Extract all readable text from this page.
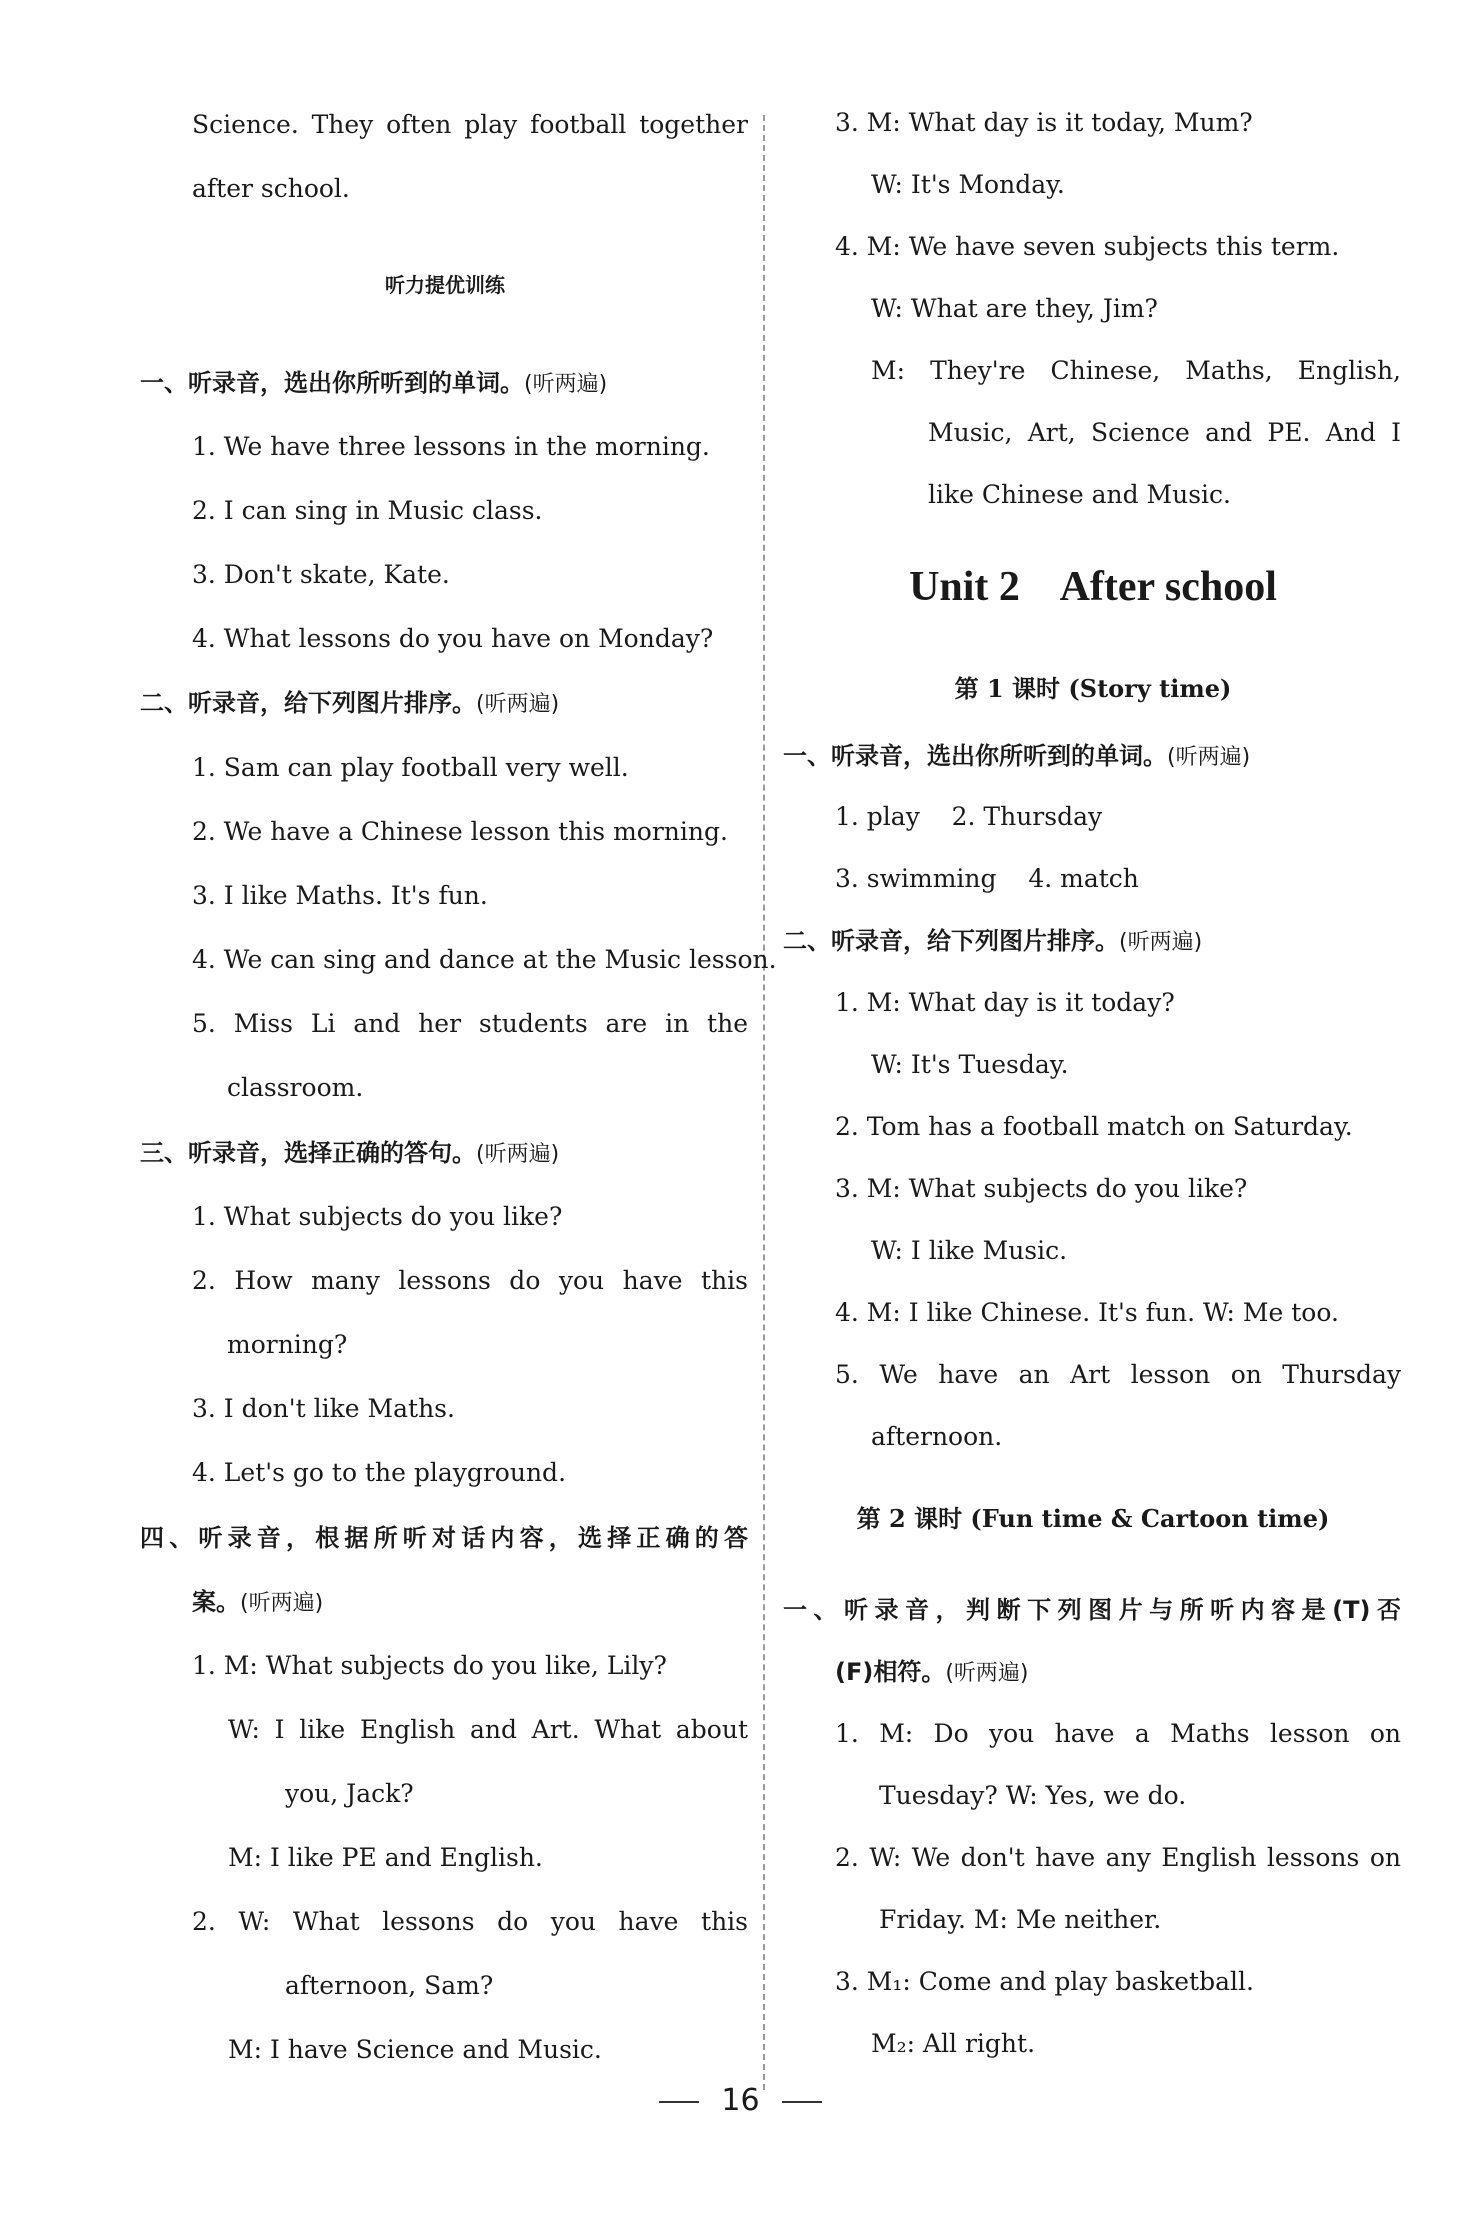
Science. They often play football together
after school.
听力提优训练
一、听录音，选出你所听到的单词。(听两遍)
1. We have three lessons in the morning.
2. I can sing in Music class.
3. Don't skate, Kate.
4. What lessons do you have on Monday?
二、听录音，给下列图片排序。(听两遍)
1. Sam can play football very well.
2. We have a Chinese lesson this morning.
3. I like Maths. It's fun.
4. We can sing and dance at the Music lesson.
5. Miss Li and her students are in the
classroom.
三、听录音，选择正确的答句。(听两遍)
1. What subjects do you like?
2. How many lessons do you have this
morning?
3. I don't like Maths.
4. Let's go to the playground.
四、听录音，根据所听对话内容，选择正确的答
案。(听两遍)
1. M: What subjects do you like, Lily?
W: I like English and Art. What about
you, Jack?
M: I like PE and English.
2. W: What lessons do you have this
afternoon, Sam?
M: I have Science and Music.
3. M: What day is it today, Mum?
W: It's Monday.
4. M: We have seven subjects this term.
W: What are they, Jim?
M: They're Chinese, Maths, English,
Music, Art, Science and PE. And I
like Chinese and Music.
Unit 2    After school
第 1 课时 (Story time)
一、听录音，选出你所听到的单词。(听两遍)
1. play    2. Thursday
3. swimming    4. match
二、听录音，给下列图片排序。(听两遍)
1. M: What day is it today?
W: It's Tuesday.
2. Tom has a football match on Saturday.
3. M: What subjects do you like?
W: I like Music.
4. M: I like Chinese. It's fun. W: Me too.
5. We have an Art lesson on Thursday
afternoon.
第 2 课时 (Fun time & Cartoon time)
一、听录音，判断下列图片与所听内容是(T)否
(F)相符。(听两遍)
1. M: Do you have a Maths lesson on
Tuesday? W: Yes, we do.
2. W: We don't have any English lessons on
Friday. M: Me neither.
3. M₁: Come and play basketball.
M₂: All right.
16
